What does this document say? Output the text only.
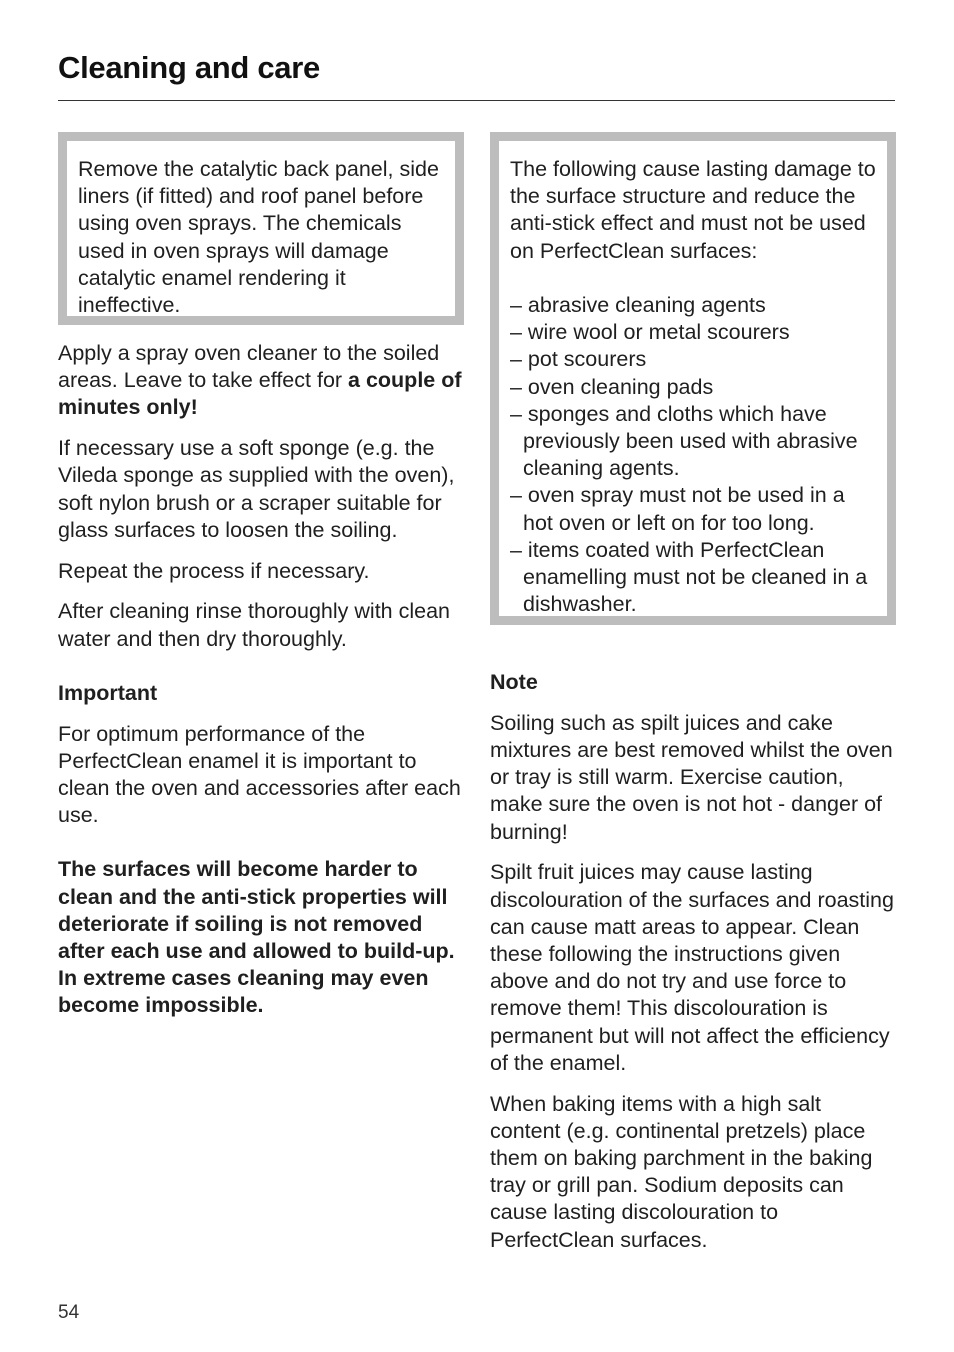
Cleaning and care

Remove the catalytic back panel, side liners (if fitted) and roof panel before using oven sprays. The chemicals used in oven sprays will damage catalytic enamel rendering it ineffective.

Apply a spray oven cleaner to the soiled areas. Leave to take effect for a couple of minutes only!

If necessary use a soft sponge (e.g. the Vileda sponge as supplied with the oven), soft nylon brush or a scraper suitable for glass surfaces to loosen the soiling.

Repeat the process if necessary.

After cleaning rinse thoroughly with clean water and then dry thoroughly.

Important

For optimum performance of the PerfectClean enamel it is important to clean the oven and accessories after each use.

The surfaces will become harder to clean and the anti-stick properties will deteriorate if soiling is not removed after each use and allowed to build-up. In extreme cases cleaning may even become impossible.

The following cause lasting damage to the surface structure and reduce the anti-stick effect and must not be used on PerfectClean surfaces:

– abrasive cleaning agents
– wire wool or metal scourers
– pot scourers
– oven cleaning pads
– sponges and cloths which have previously been used with abrasive cleaning agents.
– oven spray must not be used in a hot oven or left on for too long.
– items coated with PerfectClean enamelling must not be cleaned in a dishwasher.

Note

Soiling such as spilt juices and cake mixtures are best removed whilst the oven or tray is still warm. Exercise caution, make sure the oven is not hot - danger of burning!

Spilt fruit juices may cause lasting discolouration of the surfaces and roasting can cause matt areas to appear. Clean these following the instructions given above and do not try and use force to remove them! This discolouration is permanent but will not affect the efficiency of the enamel.

When baking items with a high salt content (e.g. continental pretzels) place them on baking parchment in the baking tray or grill pan. Sodium deposits can cause lasting discolouration to PerfectClean surfaces.

54
